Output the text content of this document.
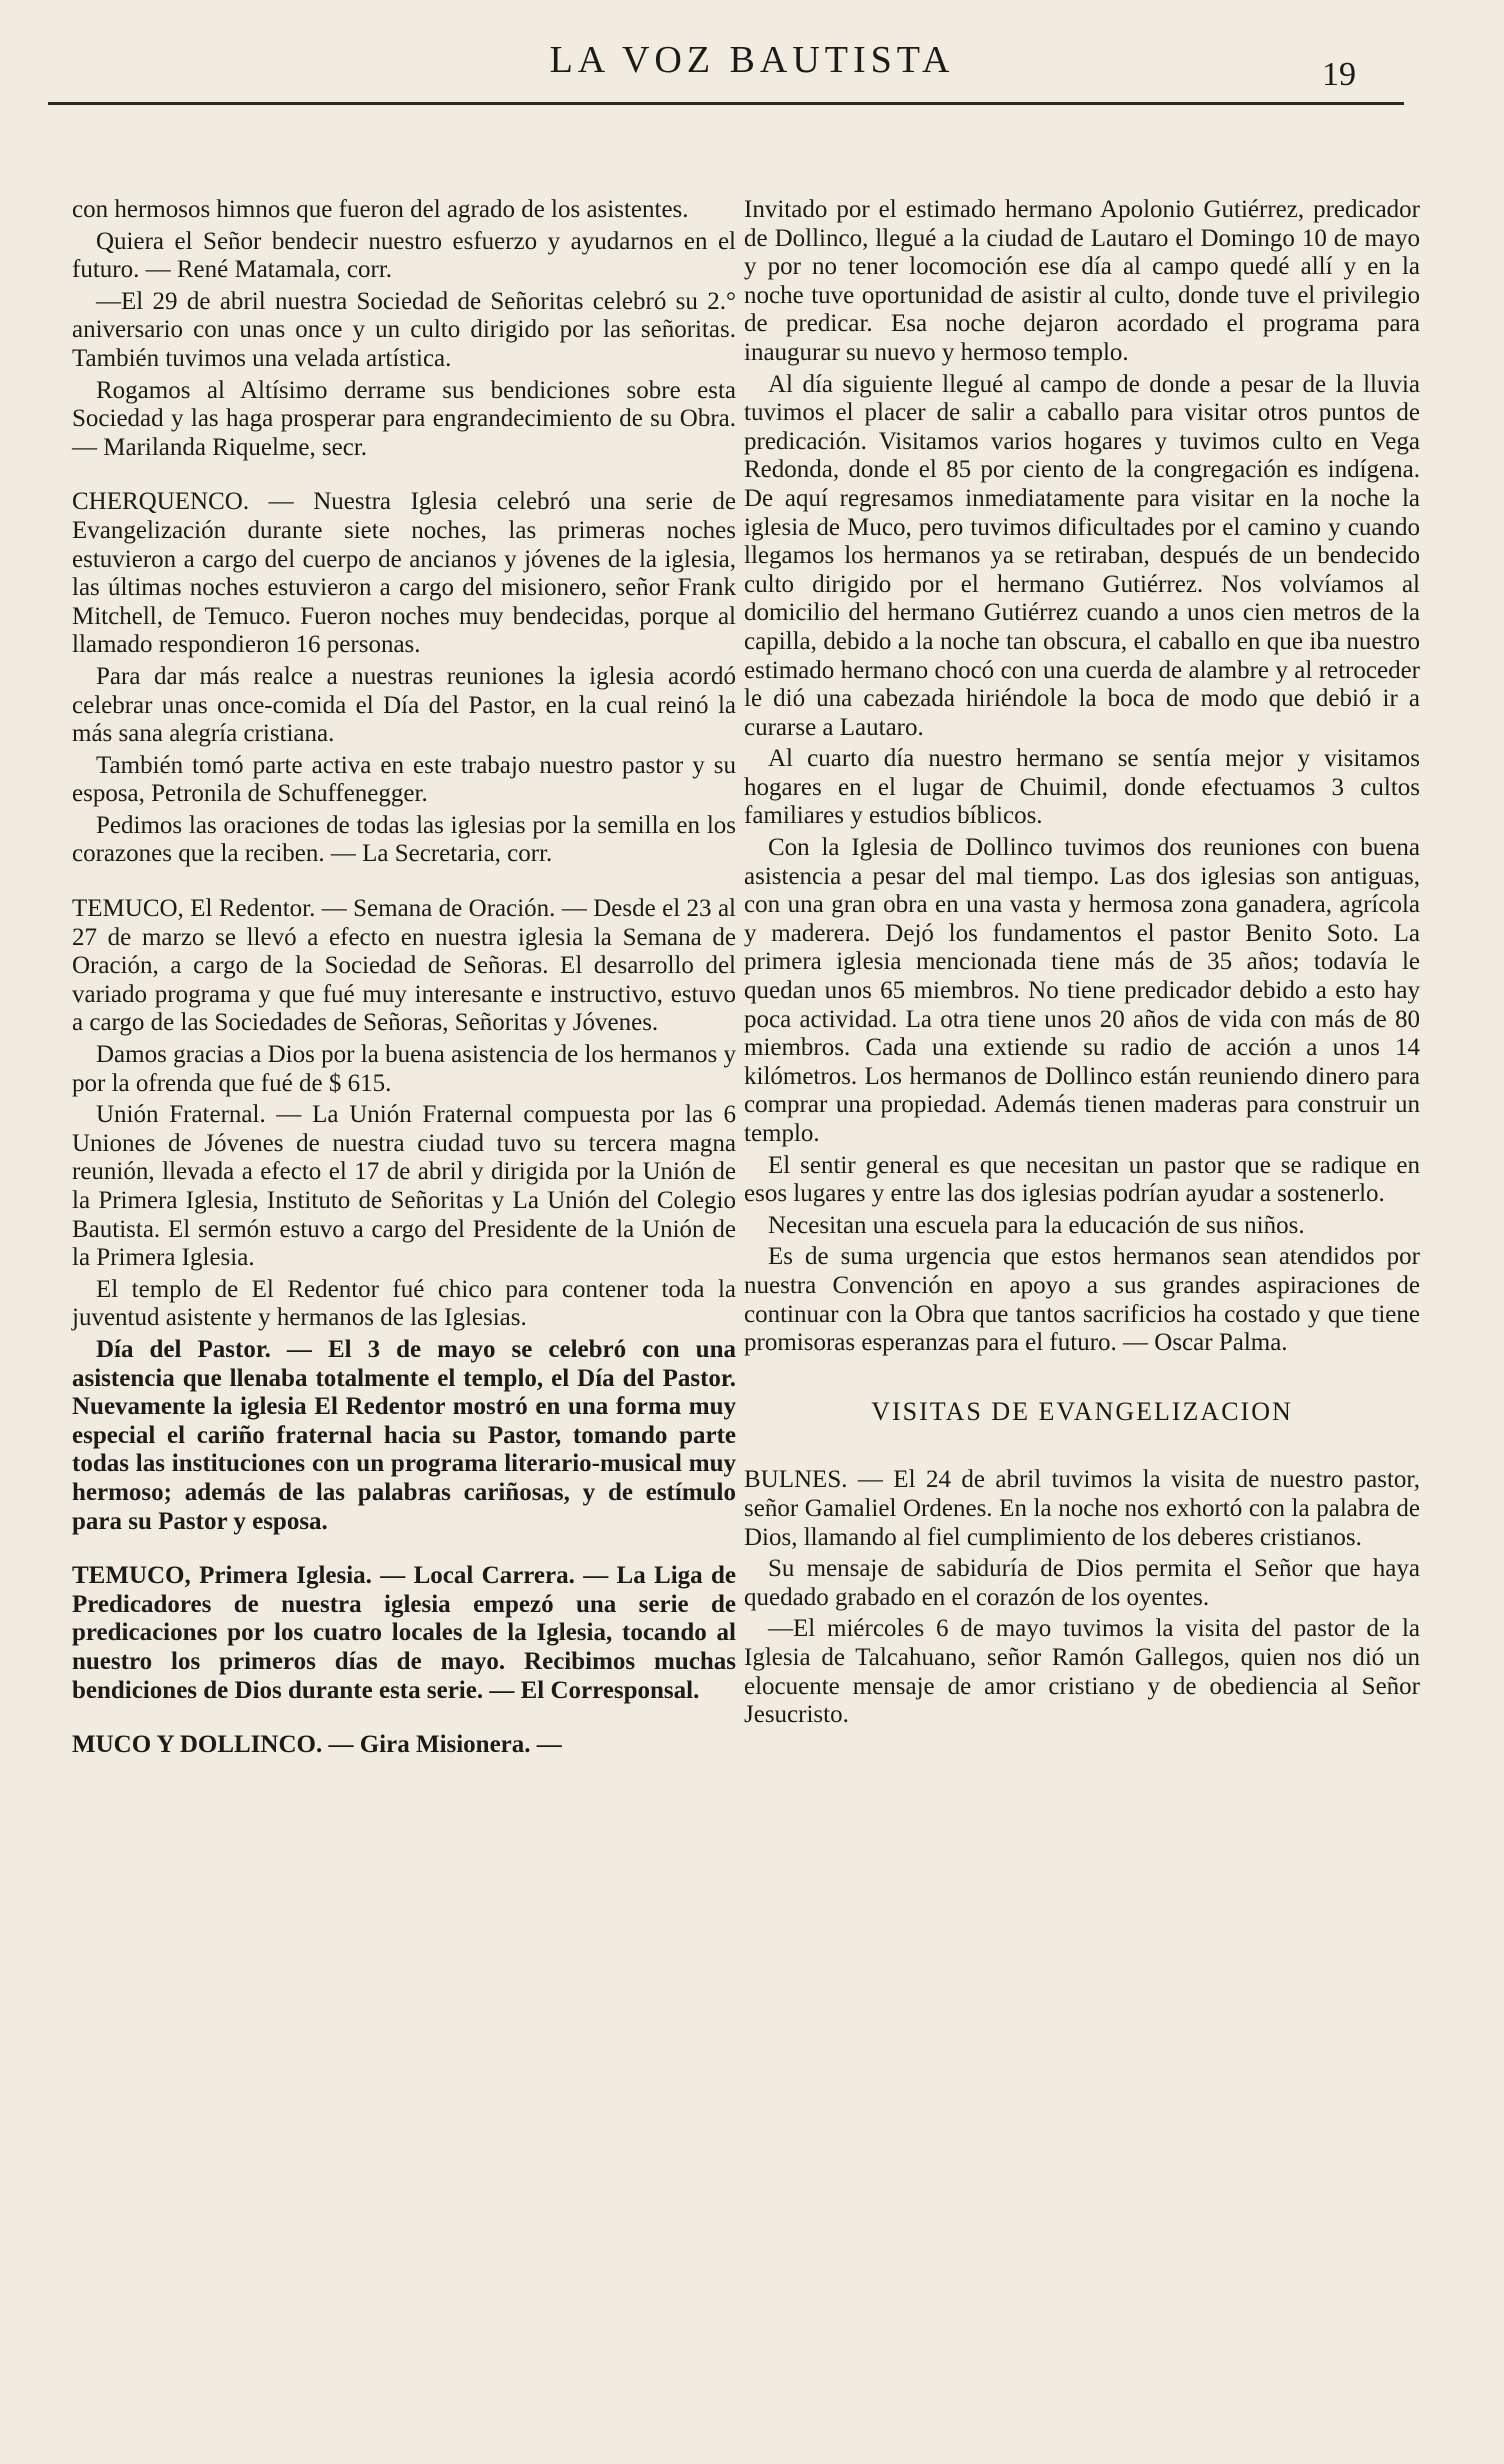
LA VOZ BAUTISTA	19

con hermosos himnos que fueron del agrado de los asistentes.

Quiera el Señor bendecir nuestro esfuerzo y ayudarnos en el futuro. — René Matamala, corr.

—El 29 de abril nuestra Sociedad de Señoritas celebró su 2.° aniversario con unas once y un culto dirigido por las señoritas. También tuvimos una velada artística.

Rogamos al Altísimo derrame sus bendiciones sobre esta Sociedad y las haga prosperar para engrandecimiento de su Obra. — Marilanda Riquelme, secr.

CHERQUENCO. — Nuestra Iglesia celebró una serie de Evangelización durante siete noches, las primeras noches estuvieron a cargo del cuerpo de ancianos y jóvenes de la iglesia, las últimas noches estuvieron a cargo del misionero, señor Frank Mitchell, de Temuco. Fueron noches muy bendecidas, porque al llamado respondieron 16 personas.

Para dar más realce a nuestras reuniones la iglesia acordó celebrar unas once-comida el Día del Pastor, en la cual reinó la más sana alegría cristiana.

También tomó parte activa en este trabajo nuestro pastor y su esposa, Petronila de Schuffenegger.

Pedimos las oraciones de todas las iglesias por la semilla en los corazones que la reciben. — La Secretaria, corr.

TEMUCO, El Redentor. — Semana de Oración. — Desde el 23 al 27 de marzo se llevó a efecto en nuestra iglesia la Semana de Oración, a cargo de la Sociedad de Señoras. El desarrollo del variado programa y que fué muy interesante e instructivo, estuvo a cargo de las Sociedades de Señoras, Señoritas y Jóvenes.

Damos gracias a Dios por la buena asistencia de los hermanos y por la ofrenda que fué de $ 615.

Unión Fraternal. — La Unión Fraternal compuesta por las 6 Uniones de Jóvenes de nuestra ciudad tuvo su tercera magna reunión, llevada a efecto el 17 de abril y dirigida por la Unión de la Primera Iglesia, Instituto de Señoritas y La Unión del Colegio Bautista. El sermón estuvo a cargo del Presidente de la Unión de la Primera Iglesia.

El templo de El Redentor fué chico para contener toda la juventud asistente y hermanos de las Iglesias.

Día del Pastor. — El 3 de mayo se celebró con una asistencia que llenaba totalmente el templo, el Día del Pastor. Nuevamente la iglesia El Redentor mostró en una forma muy especial el cariño fraternal hacia su Pastor, tomando parte todas las instituciones con un programa literario-musical muy hermoso; además de las palabras cariñosas, y de estímulo para su Pastor y esposa.

TEMUCO, Primera Iglesia. — Local Carrera. — La Liga de Predicadores de nuestra iglesia empezó una serie de predicaciones por los cuatro locales de la Iglesia, tocando al nuestro los primeros días de mayo. Recibimos muchas bendiciones de Dios durante esta serie. — El Corresponsal.

MUCO Y DOLLINCO. — Gira Misionera. —

Invitado por el estimado hermano Apolonio Gutiérrez, predicador de Dollinco, llegué a la ciudad de Lautaro el Domingo 10 de mayo y por no tener locomoción ese día al campo quedé allí y en la noche tuve oportunidad de asistir al culto, donde tuve el privilegio de predicar. Esa noche dejaron acordado el programa para inaugurar su nuevo y hermoso templo.

Al día siguiente llegué al campo de donde a pesar de la lluvia tuvimos el placer de salir a caballo para visitar otros puntos de predicación. Visitamos varios hogares y tuvimos culto en Vega Redonda, donde el 85 por ciento de la congregación es indígena. De aquí regresamos inmediatamente para visitar en la noche la iglesia de Muco, pero tuvimos dificultades por el camino y cuando llegamos los hermanos ya se retiraban, después de un bendecido culto dirigido por el hermano Gutiérrez. Nos volvíamos al domicilio del hermano Gutiérrez cuando a unos cien metros de la capilla, debido a la noche tan obscura, el caballo en que iba nuestro estimado hermano chocó con una cuerda de alambre y al retroceder le dió una cabezada hiriéndole la boca de modo que debió ir a curarse a Lautaro.

Al cuarto día nuestro hermano se sentía mejor y visitamos hogares en el lugar de Chuimil, donde efectuamos 3 cultos familiares y estudios bíblicos.

Con la Iglesia de Dollinco tuvimos dos reuniones con buena asistencia a pesar del mal tiempo. Las dos iglesias son antiguas, con una gran obra en una vasta y hermosa zona ganadera, agrícola y maderera. Dejó los fundamentos el pastor Benito Soto. La primera iglesia mencionada tiene más de 35 años; todavía le quedan unos 65 miembros. No tiene predicador debido a esto hay poca actividad. La otra tiene unos 20 años de vida con más de 80 miembros. Cada una extiende su radio de acción a unos 14 kilómetros. Los hermanos de Dollinco están reuniendo dinero para comprar una propiedad. Además tienen maderas para construir un templo.

El sentir general es que necesitan un pastor que se radique en esos lugares y entre las dos iglesias podrían ayudar a sostenerlo.

Necesitan una escuela para la educación de sus niños.

Es de suma urgencia que estos hermanos sean atendidos por nuestra Convención en apoyo a sus grandes aspiraciones de continuar con la Obra que tantos sacrificios ha costado y que tiene promisoras esperanzas para el futuro. — Oscar Palma.

VISITAS DE EVANGELIZACION

BULNES. — El 24 de abril tuvimos la visita de nuestro pastor, señor Gamaliel Ordenes. En la noche nos exhortó con la palabra de Dios, llamando al fiel cumplimiento de los deberes cristianos.

Su mensaje de sabiduría de Dios permita el Señor que haya quedado grabado en el corazón de los oyentes.

—El miércoles 6 de mayo tuvimos la visita del pastor de la Iglesia de Talcahuano, señor Ramón Gallegos, quien nos dió un elocuente mensaje de amor cristiano y de obediencia al Señor Jesucristo.
